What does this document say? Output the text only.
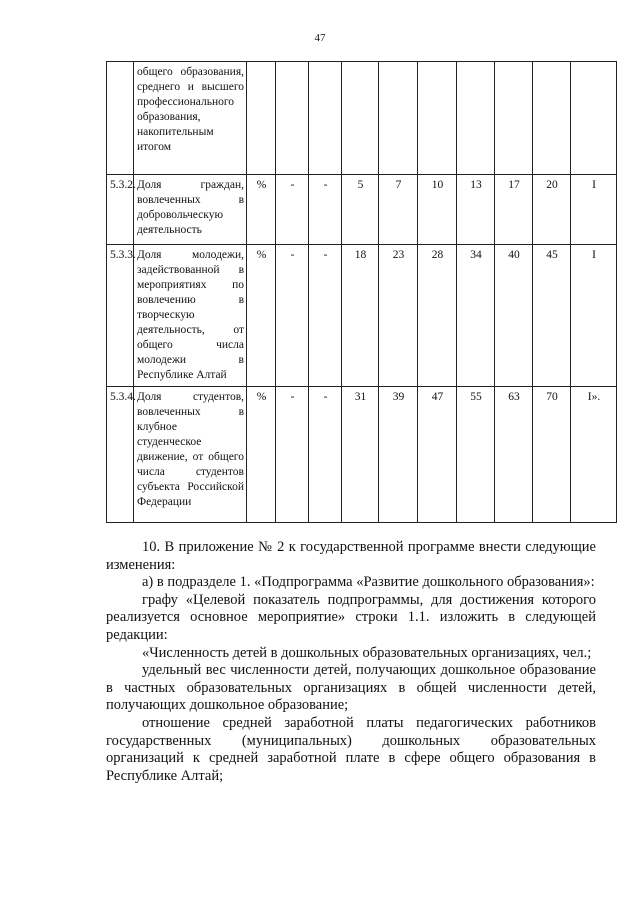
47
	общего образования, среднего и высшего профессионального образования, накопительным итогом										
5.3.2.	Доля граждан, вовлеченных в добровольческую деятельность	%	-	-	5	7	10	13	17	20	I
5.3.3.	Доля молодежи, задействованной в мероприятиях по вовлечению в творческую деятельность, от общего числа молодежи в Республике Алтай	%	-	-	18	23	28	34	40	45	I
5.3.4.	Доля студентов, вовлеченных в клубное студенческое движение, от общего числа студентов субъекта Российской Федерации	%	-	-	31	39	47	55	63	70	I».

10. В приложение № 2 к государственной программе внести следующие изменения:

а) в подразделе 1. «Подпрограмма «Развитие дошкольного образования»:

графу «Целевой показатель подпрограммы, для достижения которого реализуется основное мероприятие» строки 1.1. изложить в следующей редакции:

«Численность детей в дошкольных образовательных организациях, чел.;

удельный вес численности детей, получающих дошкольное образование в частных образовательных организациях в общей численности детей, получающих дошкольное образование;

отношение средней заработной платы педагогических работников государственных (муниципальных) дошкольных образовательных организаций к средней заработной плате в сфере общего образования в Республике Алтай;
